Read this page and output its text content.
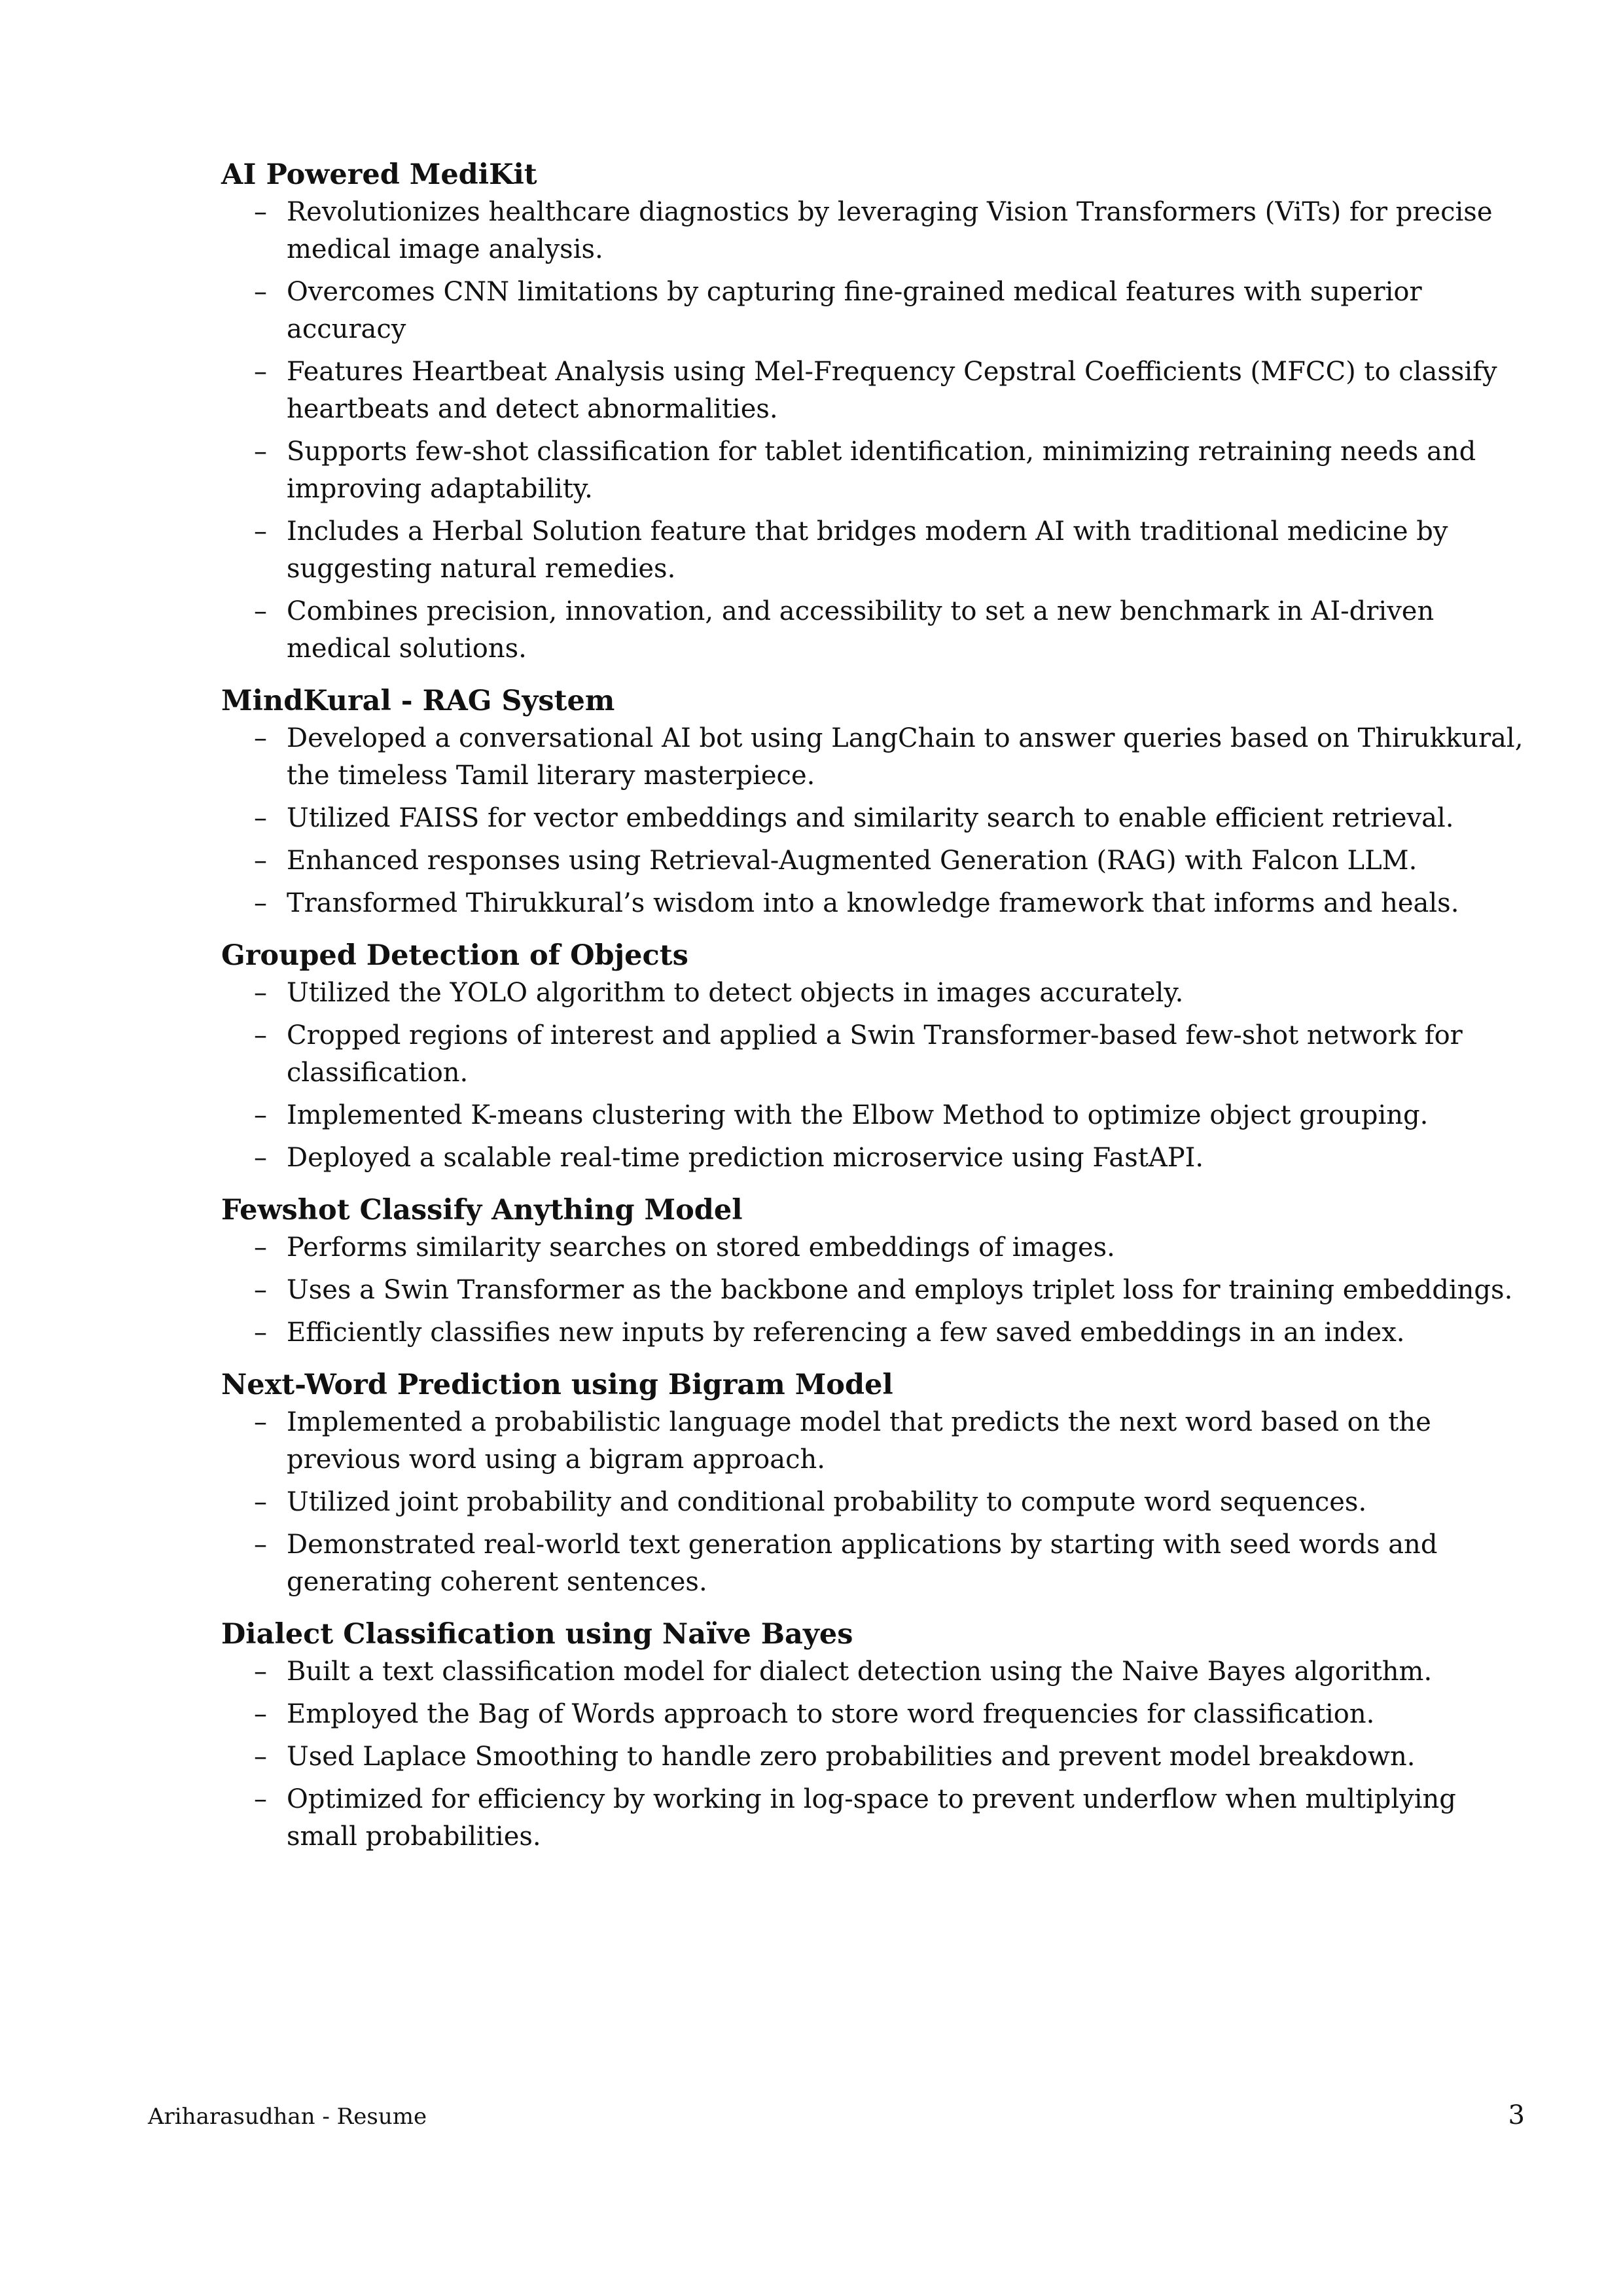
AI Powered MediKit
– Revolutionizes healthcare diagnostics by leveraging Vision Transformers (ViTs) for precise medical image analysis.
– Overcomes CNN limitations by capturing fine-grained medical features with superior accuracy
– Features Heartbeat Analysis using Mel-Frequency Cepstral Coefficients (MFCC) to classify heartbeats and detect abnormalities.
– Supports few-shot classification for tablet identification, minimizing retraining needs and improving adaptability.
– Includes a Herbal Solution feature that bridges modern AI with traditional medicine by suggesting natural remedies.
– Combines precision, innovation, and accessibility to set a new benchmark in AI-driven medical solutions.
MindKural - RAG System
– Developed a conversational AI bot using LangChain to answer queries based on Thirukkural, the timeless Tamil literary masterpiece.
– Utilized FAISS for vector embeddings and similarity search to enable efficient retrieval.
– Enhanced responses using Retrieval-Augmented Generation (RAG) with Falcon LLM.
– Transformed Thirukkural’s wisdom into a knowledge framework that informs and heals.
Grouped Detection of Objects
– Utilized the YOLO algorithm to detect objects in images accurately.
– Cropped regions of interest and applied a Swin Transformer-based few-shot network for classification.
– Implemented K-means clustering with the Elbow Method to optimize object grouping.
– Deployed a scalable real-time prediction microservice using FastAPI.
Fewshot Classify Anything Model
– Performs similarity searches on stored embeddings of images.
– Uses a Swin Transformer as the backbone and employs triplet loss for training embeddings.
– Efficiently classifies new inputs by referencing a few saved embeddings in an index.
Next-Word Prediction using Bigram Model
– Implemented a probabilistic language model that predicts the next word based on the previous word using a bigram approach.
– Utilized joint probability and conditional probability to compute word sequences.
– Demonstrated real-world text generation applications by starting with seed words and generating coherent sentences.
Dialect Classification using Naïve Bayes
– Built a text classification model for dialect detection using the Naive Bayes algorithm.
– Employed the Bag of Words approach to store word frequencies for classification.
– Used Laplace Smoothing to handle zero probabilities and prevent model breakdown.
– Optimized for efficiency by working in log-space to prevent underflow when multiplying small probabilities.
Ariharasudhan - Resume	3
